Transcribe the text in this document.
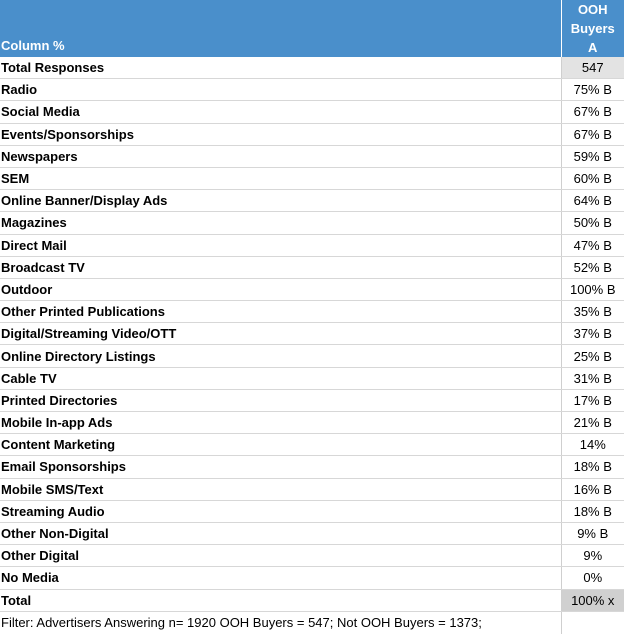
Column %	OOH
Buyers
A

Total Responses	547
Radio	75% B
Social Media	67% B
Events/Sponsorships	67% B
Newspapers	59% B
SEM	60% B
Online Banner/Display Ads	64% B
Magazines	50% B
Direct Mail	47% B
Broadcast TV	52% B
Outdoor	100% B
Other Printed Publications	35% B
Digital/Streaming Video/OTT	37% B
Online Directory Listings	25% B
Cable TV	31% B
Printed Directories	17% B
Mobile In-app Ads	21% B
Content Marketing	14%
Email Sponsorships	18% B
Mobile SMS/Text	16% B
Streaming Audio	18% B
Other Non-Digital	9% B
Other Digital	9%
No Media	0%
Total	100% x
Filter: Advertisers Answering n= 1920 OOH Buyers = 547; Not OOH Buyers = 1373;	
